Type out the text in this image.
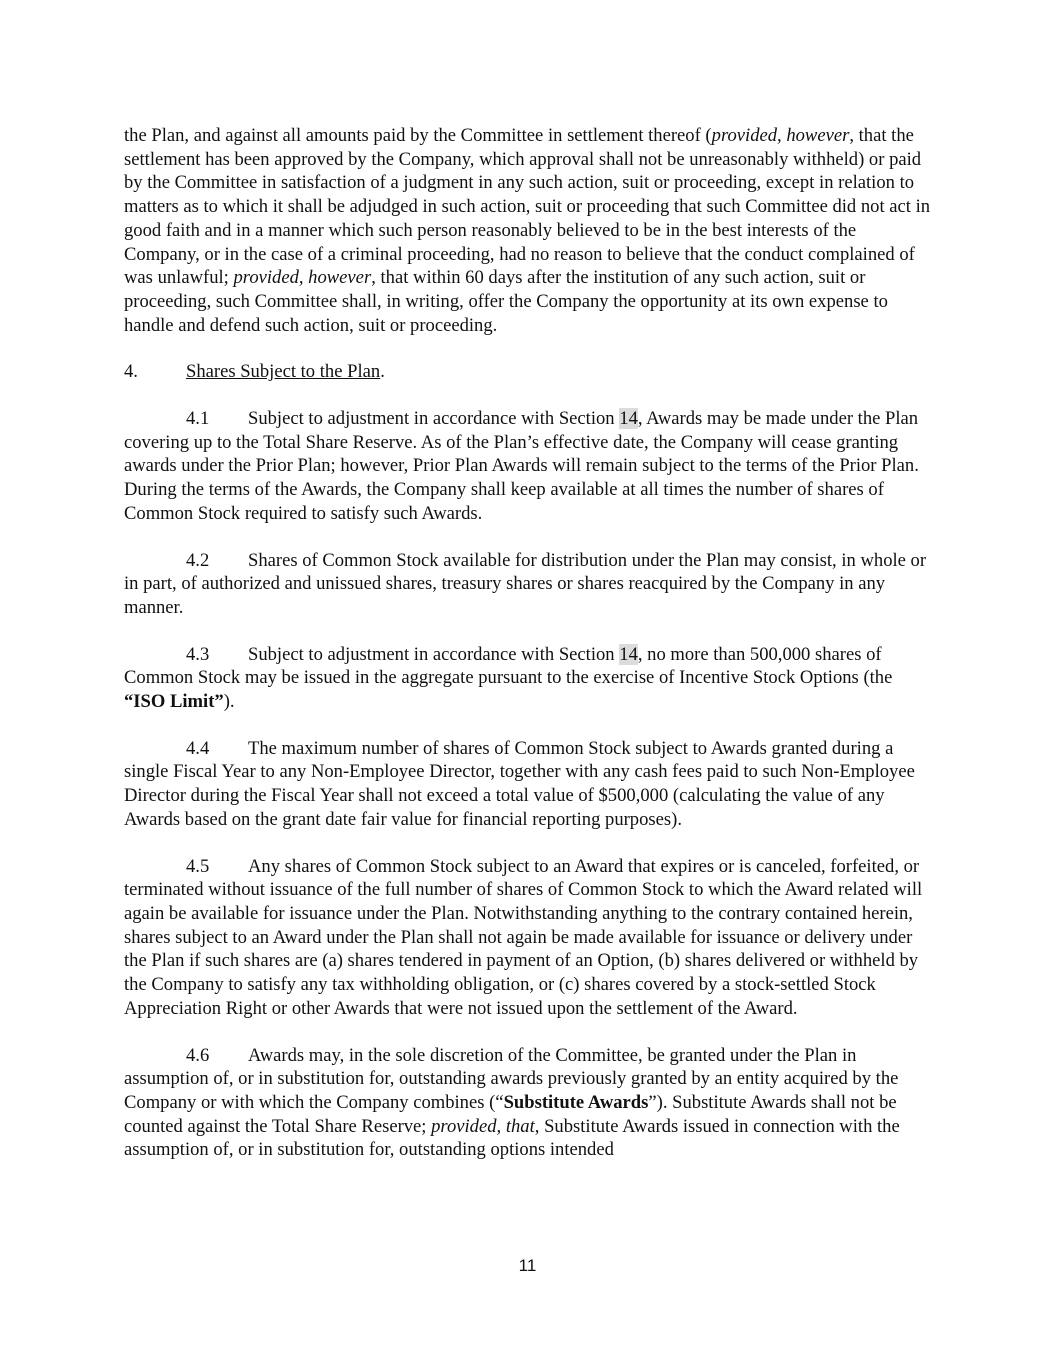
the Plan, and against all amounts paid by the Committee in settlement thereof (provided, however, that the settlement has been approved by the Company, which approval shall not be unreasonably withheld) or paid by the Committee in satisfaction of a judgment in any such action, suit or proceeding, except in relation to matters as to which it shall be adjudged in such action, suit or proceeding that such Committee did not act in good faith and in a manner which such person reasonably believed to be in the best interests of the Company, or in the case of a criminal proceeding, had no reason to believe that the conduct complained of was unlawful; provided, however, that within 60 days after the institution of any such action, suit or proceeding, such Committee shall, in writing, offer the Company the opportunity at its own expense to handle and defend such action, suit or proceeding.

4.	Shares Subject to the Plan.

4.1 Subject to adjustment in accordance with Section 14, Awards may be made under the Plan covering up to the Total Share Reserve. As of the Plan’s effective date, the Company will cease granting awards under the Prior Plan; however, Prior Plan Awards will remain subject to the terms of the Prior Plan. During the terms of the Awards, the Company shall keep available at all times the number of shares of Common Stock required to satisfy such Awards.

4.2 Shares of Common Stock available for distribution under the Plan may consist, in whole or in part, of authorized and unissued shares, treasury shares or shares reacquired by the Company in any manner.

4.3 Subject to adjustment in accordance with Section 14, no more than 500,000 shares of Common Stock may be issued in the aggregate pursuant to the exercise of Incentive Stock Options (the “ISO Limit”).

4.4 The maximum number of shares of Common Stock subject to Awards granted during a single Fiscal Year to any Non-Employee Director, together with any cash fees paid to such Non-Employee Director during the Fiscal Year shall not exceed a total value of $500,000 (calculating the value of any Awards based on the grant date fair value for financial reporting purposes).

4.5 Any shares of Common Stock subject to an Award that expires or is canceled, forfeited, or terminated without issuance of the full number of shares of Common Stock to which the Award related will again be available for issuance under the Plan. Notwithstanding anything to the contrary contained herein, shares subject to an Award under the Plan shall not again be made available for issuance or delivery under the Plan if such shares are (a) shares tendered in payment of an Option, (b) shares delivered or withheld by the Company to satisfy any tax withholding obligation, or (c) shares covered by a stock-settled Stock Appreciation Right or other Awards that were not issued upon the settlement of the Award.

4.6 Awards may, in the sole discretion of the Committee, be granted under the Plan in assumption of, or in substitution for, outstanding awards previously granted by an entity acquired by the Company or with which the Company combines (“Substitute Awards”). Substitute Awards shall not be counted against the Total Share Reserve; provided, that, Substitute Awards issued in connection with the assumption of, or in substitution for, outstanding options intended

11
